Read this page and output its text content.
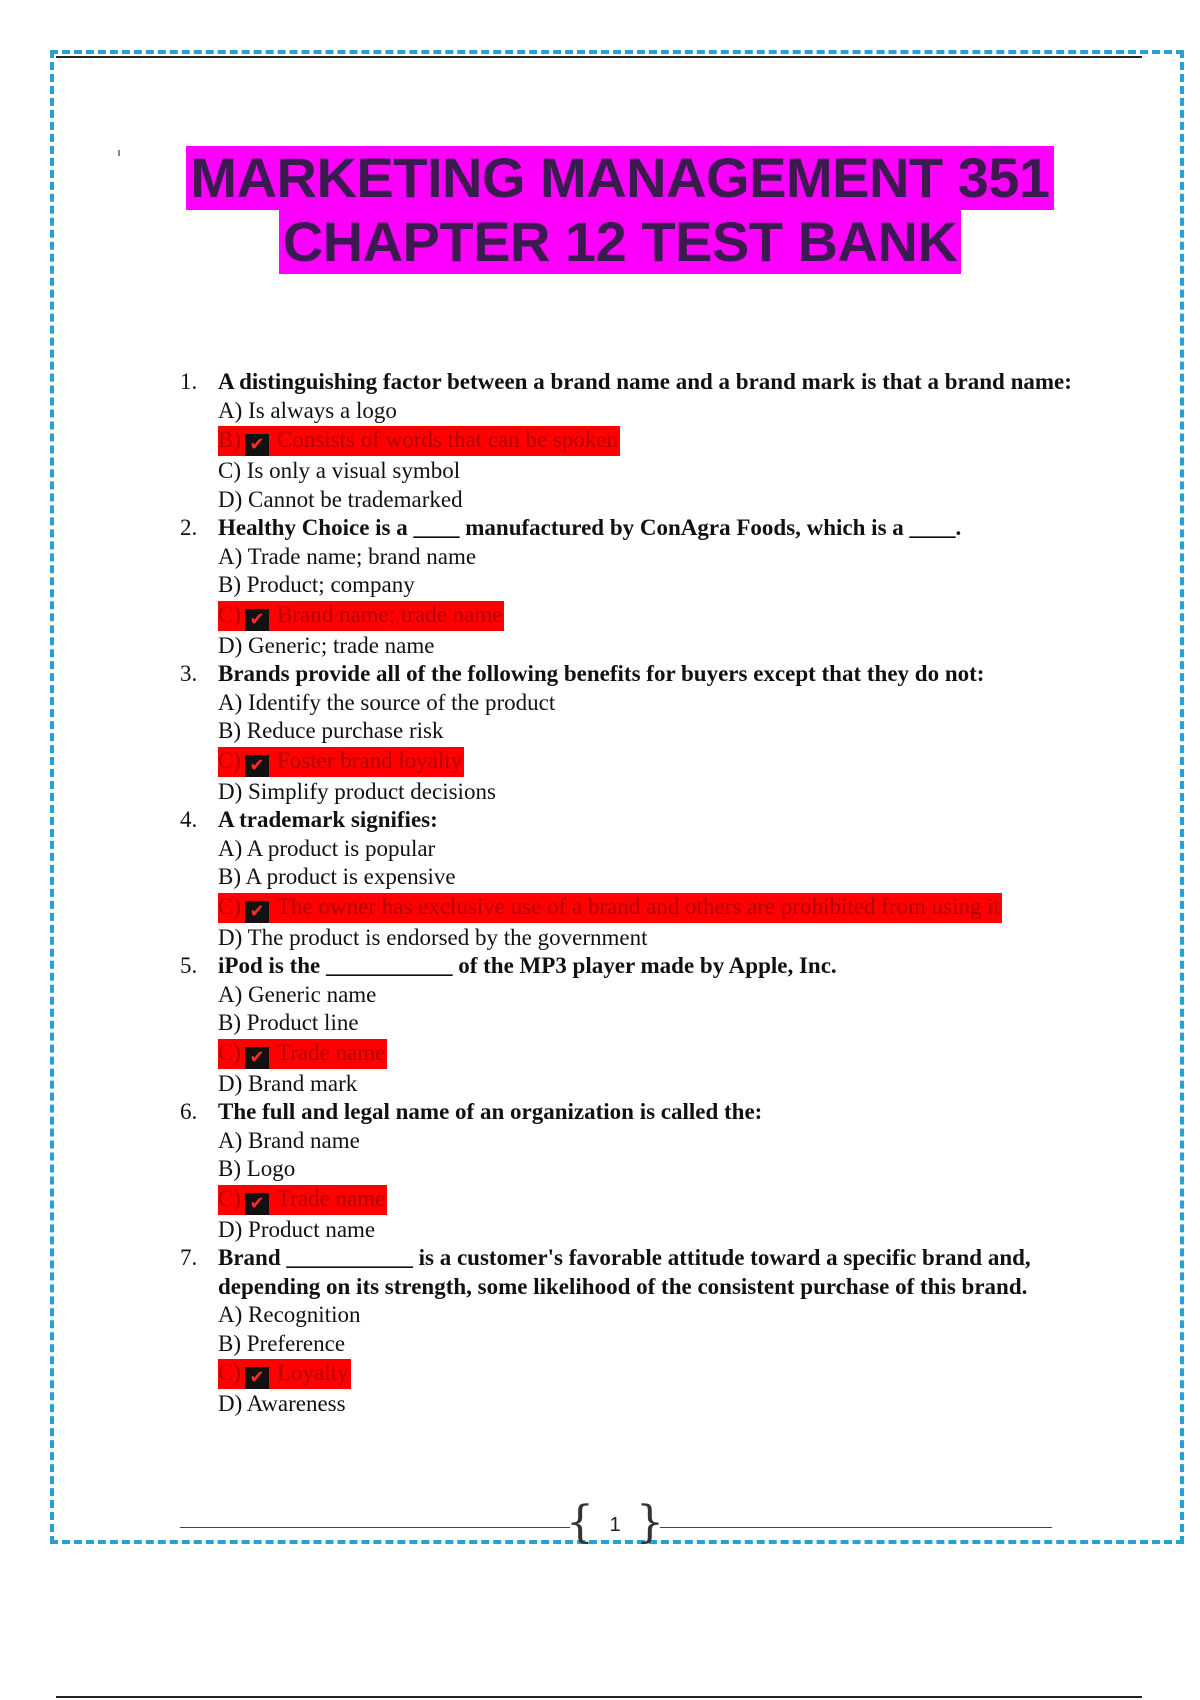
MARKETING MANAGEMENT 351
CHAPTER 12 TEST BANK
1. A distinguishing factor between a brand name and a brand mark is that a brand name:
A) Is always a logo
B) ✔ Consists of words that can be spoken
C) Is only a visual symbol
D) Cannot be trademarked
2. Healthy Choice is a ____ manufactured by ConAgra Foods, which is a ____.
A) Trade name; brand name
B) Product; company
C) ✔ Brand name; trade name
D) Generic; trade name
3. Brands provide all of the following benefits for buyers except that they do not:
A) Identify the source of the product
B) Reduce purchase risk
C) ✔ Foster brand loyalty
D) Simplify product decisions
4. A trademark signifies:
A) A product is popular
B) A product is expensive
C) ✔ The owner has exclusive use of a brand and others are prohibited from using it
D) The product is endorsed by the government
5. iPod is the ___________ of the MP3 player made by Apple, Inc.
A) Generic name
B) Product line
C) ✔ Trade name
D) Brand mark
6. The full and legal name of an organization is called the:
A) Brand name
B) Logo
C) ✔ Trade name
D) Product name
7. Brand ___________ is a customer's favorable attitude toward a specific brand and, depending on its strength, some likelihood of the consistent purchase of this brand.
A) Recognition
B) Preference
C) ✔ Loyalty
D) Awareness
{ 1 }
